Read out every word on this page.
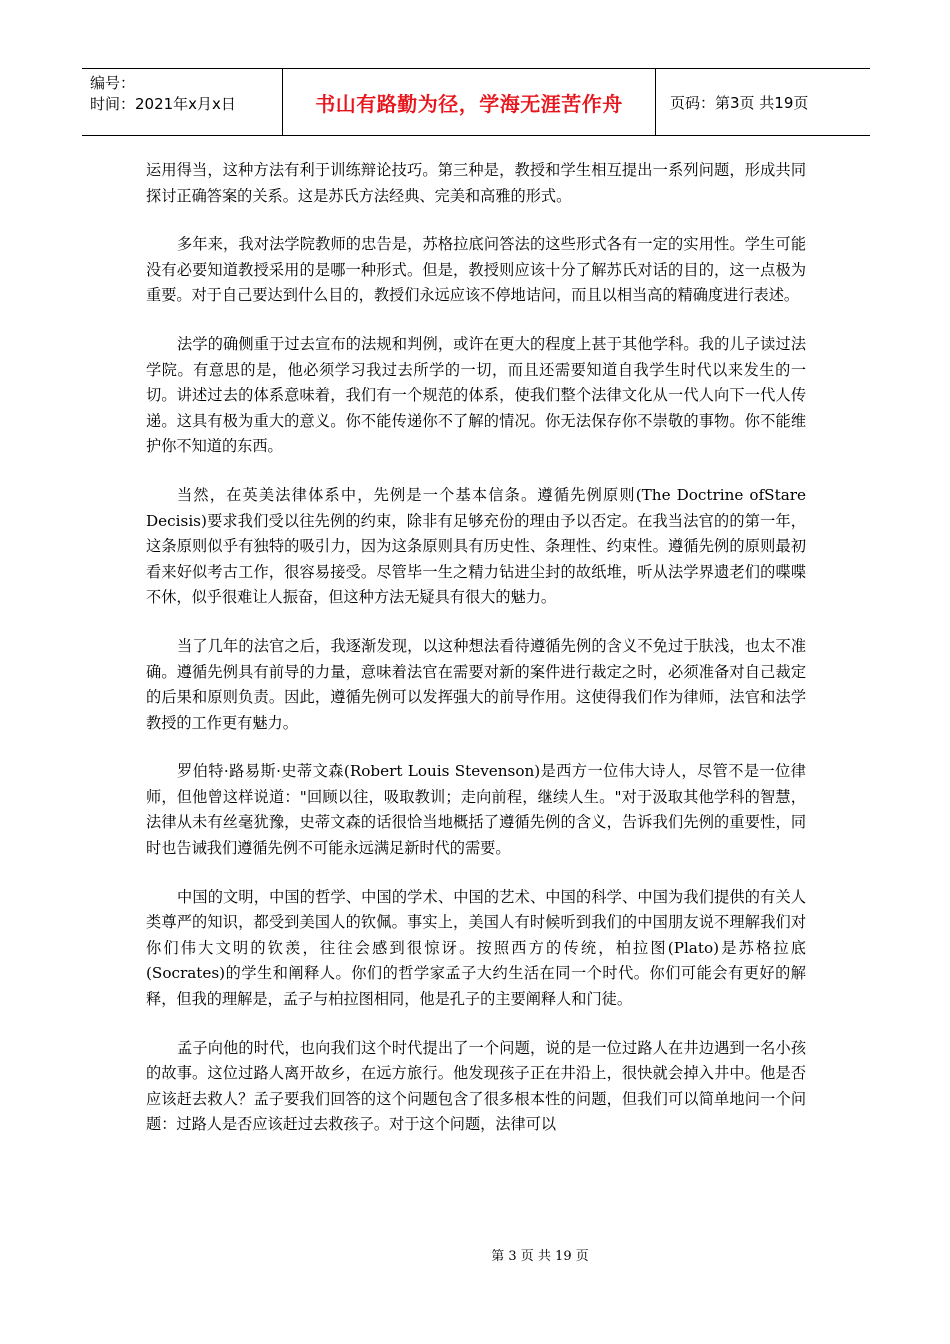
编号：
时间：2021年x月x日	书山有路勤为径，学海无涯苦作舟	页码：第3页 共19页

运用得当，这种方法有利于训练辩论技巧。第三种是，教授和学生相互提出一系列问题，形成共同探讨正确答案的关系。这是苏氏方法经典、完美和高雅的形式。

多年来，我对法学院教师的忠告是，苏格拉底问答法的这些形式各有一定的实用性。学生可能没有必要知道教授采用的是哪一种形式。但是，教授则应该十分了解苏氏对话的目的，这一点极为重要。对于自己要达到什么目的，教授们永远应该不停地诘问，而且以相当高的精确度进行表述。

法学的确侧重于过去宣布的法规和判例，或许在更大的程度上甚于其他学科。我的儿子读过法学院。有意思的是，他必须学习我过去所学的一切，而且还需要知道自我学生时代以来发生的一切。讲述过去的体系意味着，我们有一个规范的体系，使我们整个法律文化从一代人向下一代人传递。这具有极为重大的意义。你不能传递你不了解的情况。你无法保存你不崇敬的事物。你不能维护你不知道的东西。

当然，在英美法律体系中，先例是一个基本信条。遵循先例原则(The Doctrine ofStare Decisis)要求我们受以往先例的约束，除非有足够充份的理由予以否定。在我当法官的的第一年，这条原则似乎有独特的吸引力，因为这条原则具有历史性、条理性、约束性。遵循先例的原则最初看来好似考古工作，很容易接受。尽管毕一生之精力钻进尘封的故纸堆，听从法学界遗老们的喋喋不休，似乎很难让人振奋，但这种方法无疑具有很大的魅力。

当了几年的法官之后，我逐渐发现，以这种想法看待遵循先例的含义不免过于肤浅，也太不准确。遵循先例具有前导的力量，意味着法官在需要对新的案件进行裁定之时，必须准备对自己裁定的后果和原则负责。因此，遵循先例可以发挥强大的前导作用。这使得我们作为律师，法官和法学教授的工作更有魅力。

罗伯特·路易斯·史蒂文森(Robert Louis Stevenson)是西方一位伟大诗人，尽管不是一位律师，但他曾这样说道："回顾以往，吸取教训；走向前程，继续人生。"对于汲取其他学科的智慧，法律从未有丝毫犹豫，史蒂文森的话很恰当地概括了遵循先例的含义，告诉我们先例的重要性，同时也告诫我们遵循先例不可能永远满足新时代的需要。

中国的文明，中国的哲学、中国的学术、中国的艺术、中国的科学、中国为我们提供的有关人类尊严的知识，都受到美国人的钦佩。事实上，美国人有时候听到我们的中国朋友说不理解我们对你们伟大文明的钦羡，往往会感到很惊讶。按照西方的传统，柏拉图(Plato)是苏格拉底(Socrates)的学生和阐释人。你们的哲学家孟子大约生活在同一个时代。你们可能会有更好的解释，但我的理解是，孟子与柏拉图相同，他是孔子的主要阐释人和门徒。

孟子向他的时代，也向我们这个时代提出了一个问题，说的是一位过路人在井边遇到一名小孩的故事。这位过路人离开故乡，在远方旅行。他发现孩子正在井沿上，很快就会掉入井中。他是否应该赶去救人？孟子要我们回答的这个问题包含了很多根本性的问题，但我们可以简单地问一个问题：过路人是否应该赶过去救孩子。对于这个问题，法律可以

第 3 页 共 19 页
